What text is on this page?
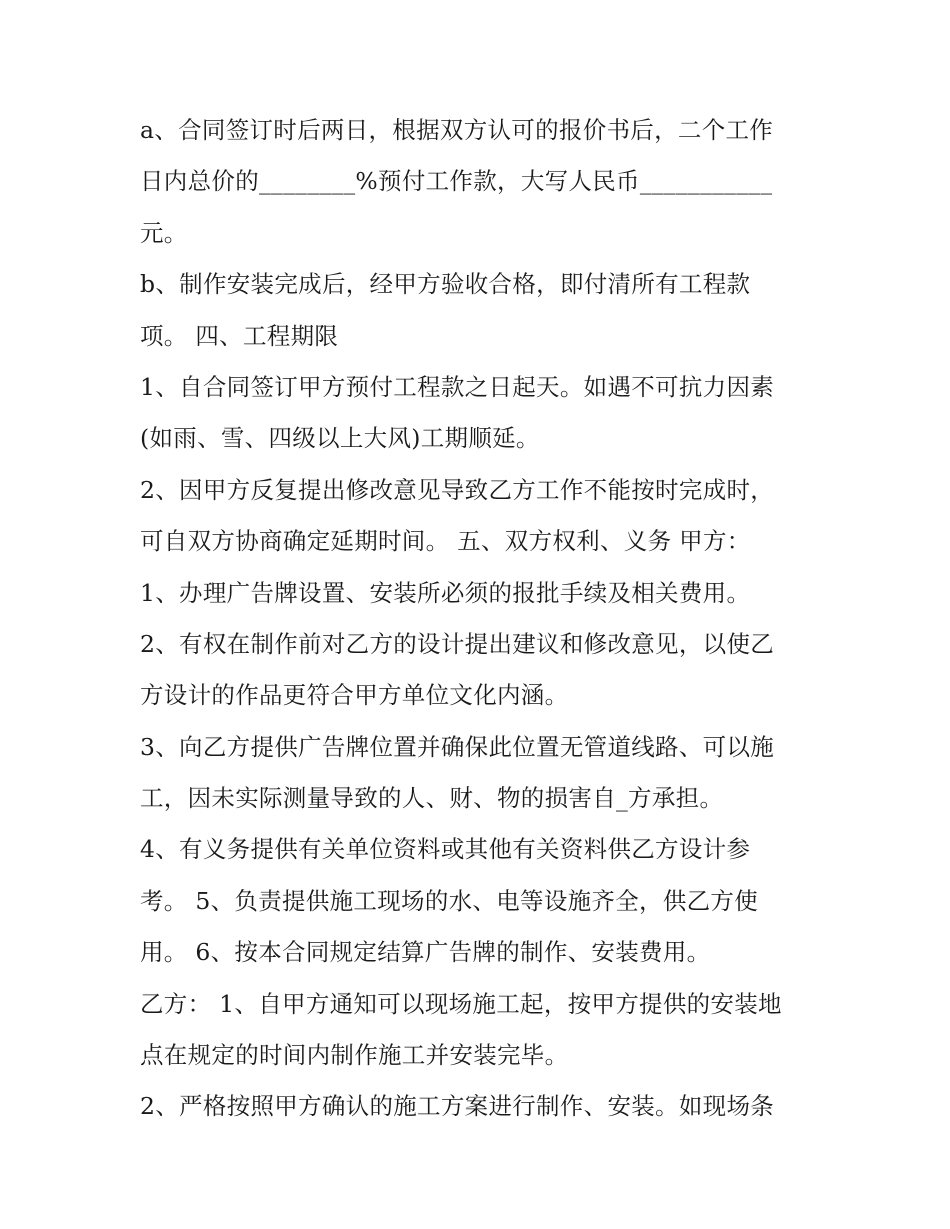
a、合同签订时后两日，根据双方认可的报价书后，二个工作
日内总价的________%预付工作款，大写人民币___________
元。
b、制作安装完成后，经甲方验收合格，即付清所有工程款
项。 四、工程期限
1、自合同签订甲方预付工程款之日起天。如遇不可抗力因素
(如雨、雪、四级以上大风)工期顺延。
2、因甲方反复提出修改意见导致乙方工作不能按时完成时，
可自双方协商确定延期时间。 五、双方权利、义务 甲方：
1、办理广告牌设置、安装所必须的报批手续及相关费用。
2、有权在制作前对乙方的设计提出建议和修改意见，以使乙
方设计的作品更符合甲方单位文化内涵。
3、向乙方提供广告牌位置并确保此位置无管道线路、可以施
工，因未实际测量导致的人、财、物的损害自_方承担。
4、有义务提供有关单位资料或其他有关资料供乙方设计参
考。 5、负责提供施工现场的水、电等设施齐全，供乙方使
用。 6、按本合同规定结算广告牌的制作、安装费用。
乙方： 1、自甲方通知可以现场施工起，按甲方提供的安装地
点在规定的时间内制作施工并安装完毕。
2、严格按照甲方确认的施工方案进行制作、安装。如现场条
